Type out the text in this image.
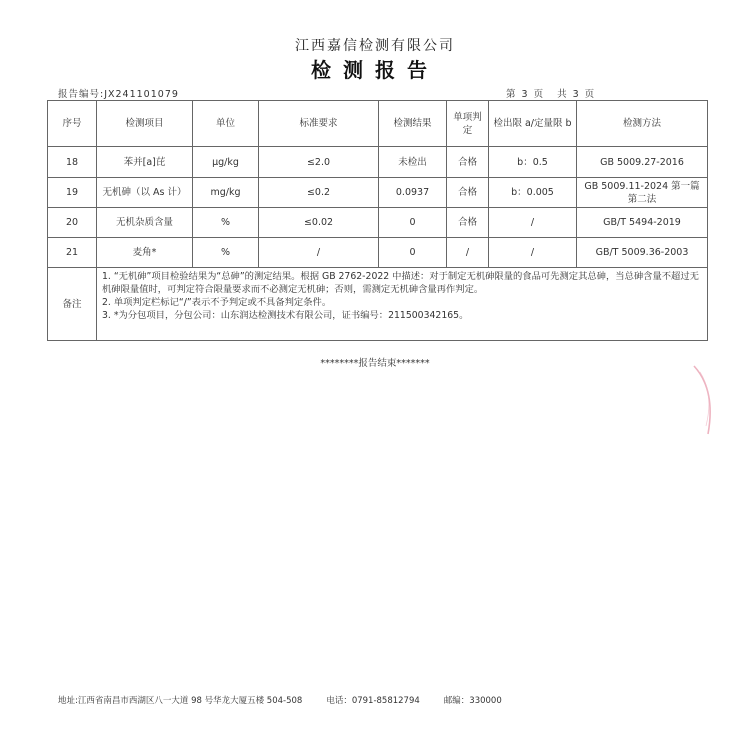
江西嘉信检测有限公司
检测报告
报告编号:JX241101079	第 3 页 共 3 页
序号	检测项目	单位	标准要求	检测结果	单项判定	检出限 a/定量限 b	检测方法
18	苯并[a]芘	μg/kg	≤2.0	未检出	合格	b：0.5	GB 5009.27-2016
19	无机砷（以 As 计）	mg/kg	≤0.2	0.0937	合格	b：0.005	GB 5009.11-2024 第一篇第二法
20	无机杂质含量	%	≤0.02	0	合格	/	GB/T 5494-2019
21	麦角*	%	/	0	/	/	GB/T 5009.36-2003
备注	1. “无机砷”项目检验结果为“总砷”的测定结果。根据 GB 2762-2022 中描述：对于制定无机砷限量的食品可先测定其总砷，当总砷含量不超过无机砷限量值时，可判定符合限量要求而不必测定无机砷；否则，需测定无机砷含量再作判定。
2. 单项判定栏标记“/”表示不予判定或不具备判定条件。
3. *为分包项目，分包公司：山东润达检测技术有限公司，证书编号：211500342165。						
********报告结束*******
地址:江西省南昌市西湖区八一大道 98 号华龙大厦五楼 504-508	电话：0791-85812794	邮编：330000
